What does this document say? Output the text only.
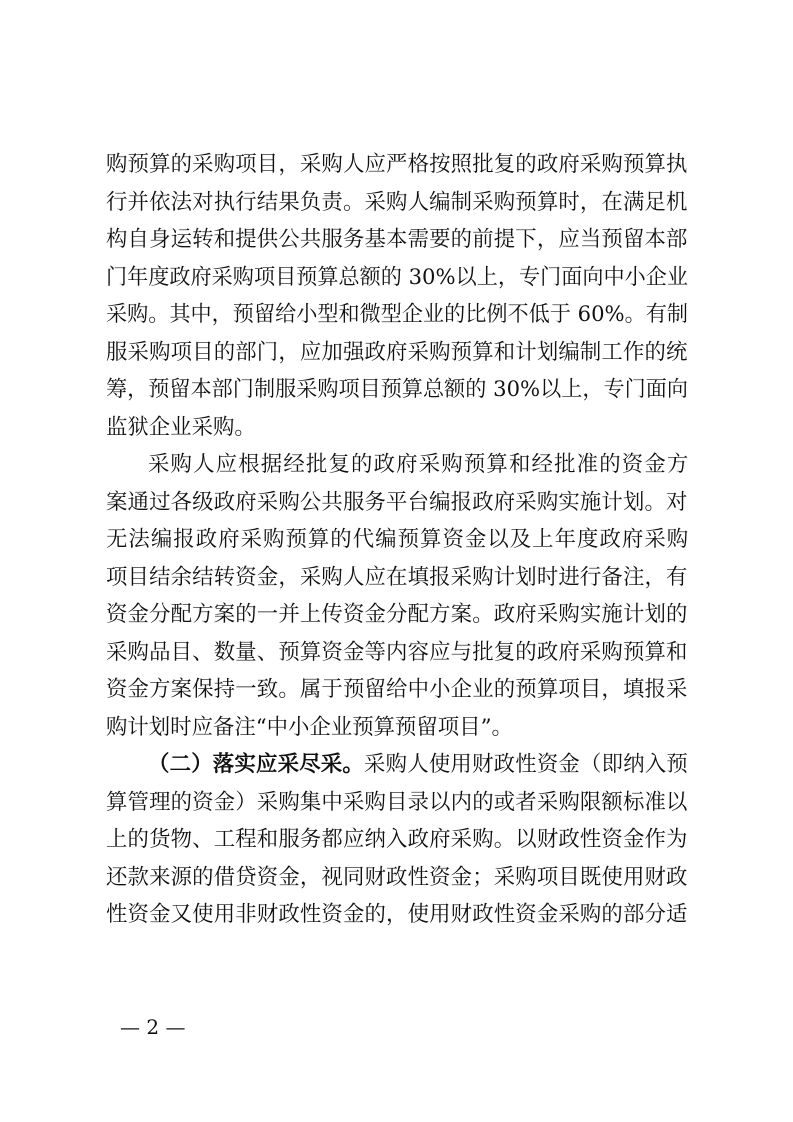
购预算的采购项目，采购人应严格按照批复的政府采购预算执
行并依法对执行结果负责。采购人编制采购预算时，在满足机
构自身运转和提供公共服务基本需要的前提下，应当预留本部
门年度政府采购项目预算总额的 30%以上，专门面向中小企业
采购。其中，预留给小型和微型企业的比例不低于 60%。有制
服采购项目的部门，应加强政府采购预算和计划编制工作的统
筹，预留本部门制服采购项目预算总额的 30%以上，专门面向
监狱企业采购。
采购人应根据经批复的政府采购预算和经批准的资金方
案通过各级政府采购公共服务平台编报政府采购实施计划。对
无法编报政府采购预算的代编预算资金以及上年度政府采购
项目结余结转资金，采购人应在填报采购计划时进行备注，有
资金分配方案的一并上传资金分配方案。政府采购实施计划的
采购品目、数量、预算资金等内容应与批复的政府采购预算和
资金方案保持一致。属于预留给中小企业的预算项目，填报采
购计划时应备注“中小企业预算预留项目”。
（二）落实应采尽采。采购人使用财政性资金（即纳入预
算管理的资金）采购集中采购目录以内的或者采购限额标准以
上的货物、工程和服务都应纳入政府采购。以财政性资金作为
还款来源的借贷资金，视同财政性资金；采购项目既使用财政
性资金又使用非财政性资金的，使用财政性资金采购的部分适
— 2 —
